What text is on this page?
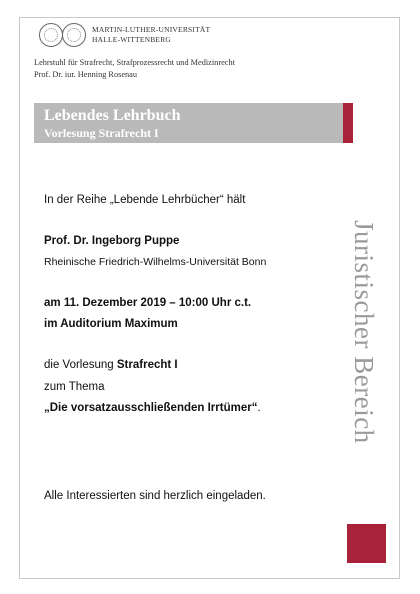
MARTIN-LUTHER-UNIVERSITÄT
HALLE-WITTENBERG
Lehrstuhl für Strafrecht, Strafprozessrecht und Medizinrecht
Prof. Dr. iur. Henning Rosenau
Lebendes Lehrbuch
Vorlesung Strafrecht I
In der Reihe „Lebende Lehrbücher“ hält
Prof. Dr. Ingeborg Puppe
Rheinische Friedrich-Wilhelms-Universität Bonn
am 11. Dezember 2019 – 10:00 Uhr c.t.
im Auditorium Maximum
die Vorlesung Strafrecht I
zum Thema
„Die vorsatzausschließenden Irrtümer“.
Alle Interessierten sind herzlich eingeladen.
Juristischer Bereich
